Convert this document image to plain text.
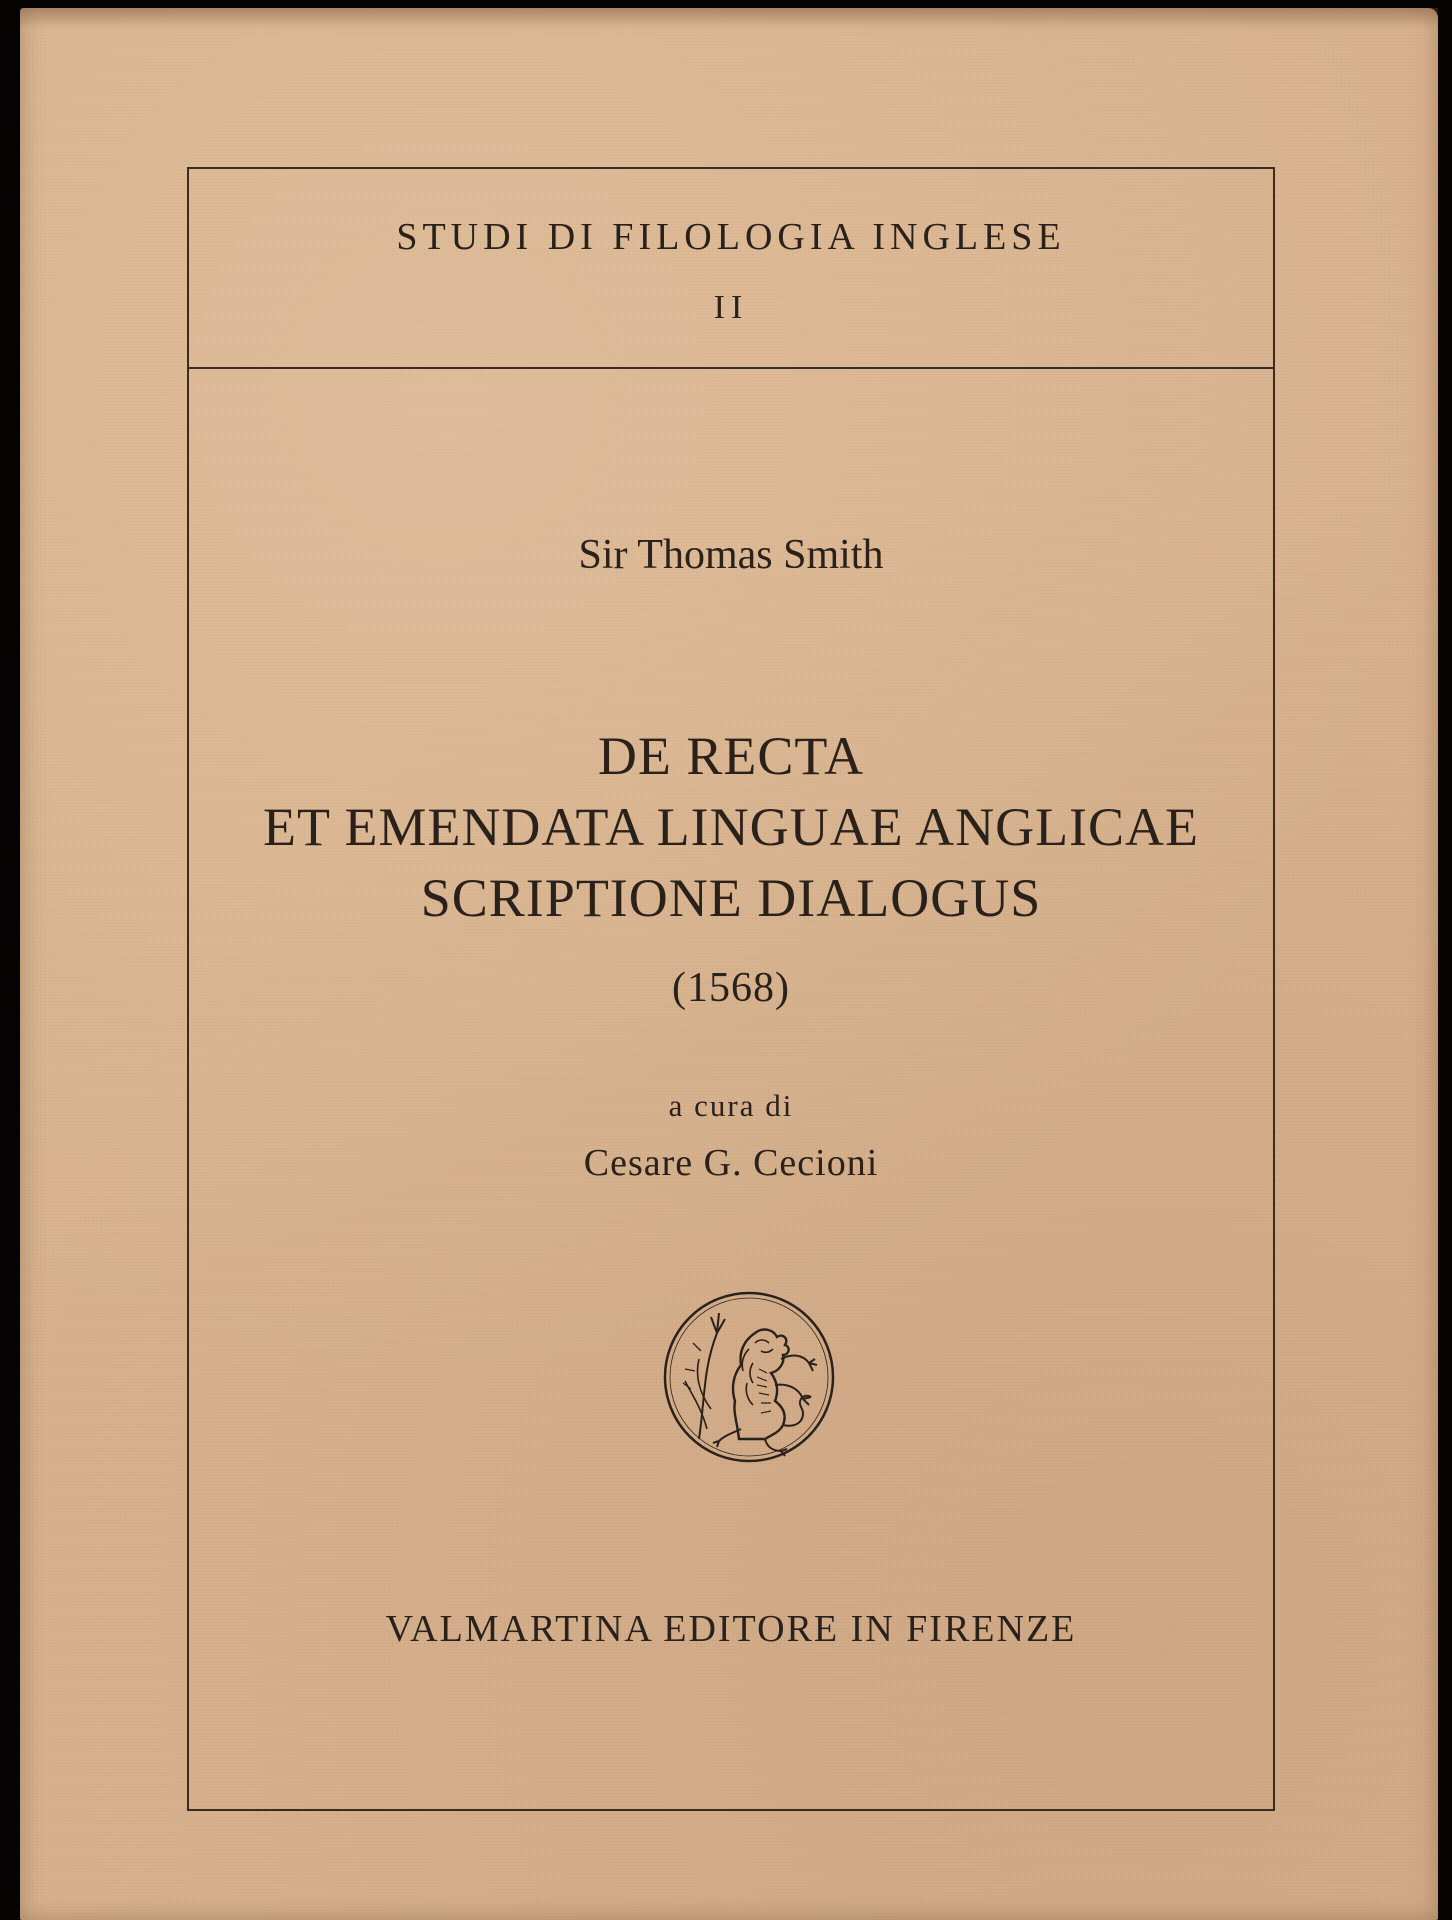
STUDI DI FILOLOGIA INGLESE
II
Sir Thomas Smith
DE RECTA
ET EMENDATA LINGUAE ANGLICAE
SCRIPTIONE DIALOGUS
(1568)
a cura di
Cesare G. Cecioni
VALMARTINA EDITORE IN FIRENZE
